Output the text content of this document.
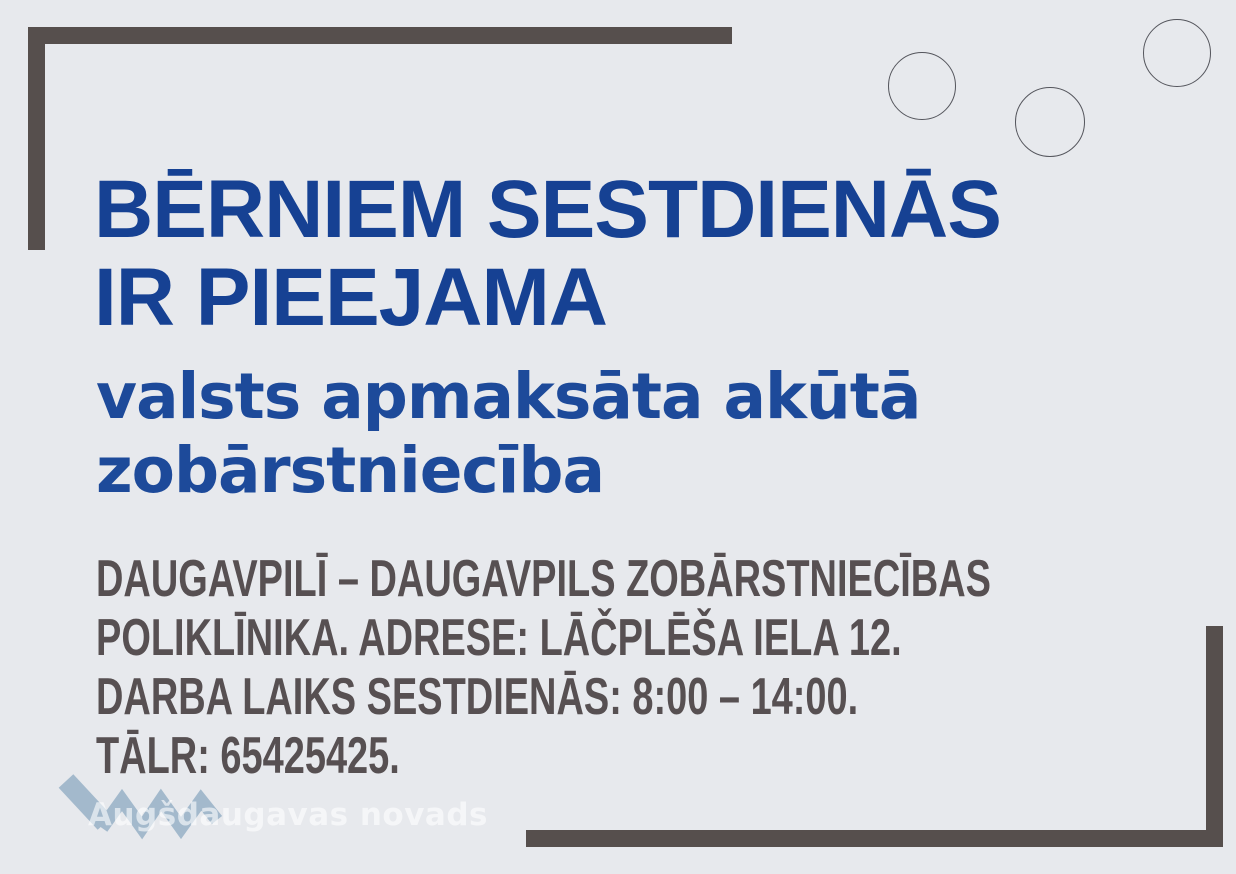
BĒRNIEM SESTDIENĀS
IR PIEEJAMA
valsts apmaksāta akūtā
zobārstniecība
DAUGAVPILĪ – DAUGAVPILS ZOBĀRSTNIECĪBAS
POLIKLĪNIKA. ADRESE: LĀČPLĒŠA IELA 12.
DARBA LAIKS SESTDIENĀS: 8:00 – 14:00.
TĀLR: 65425425.
Augšdaugavas novads
